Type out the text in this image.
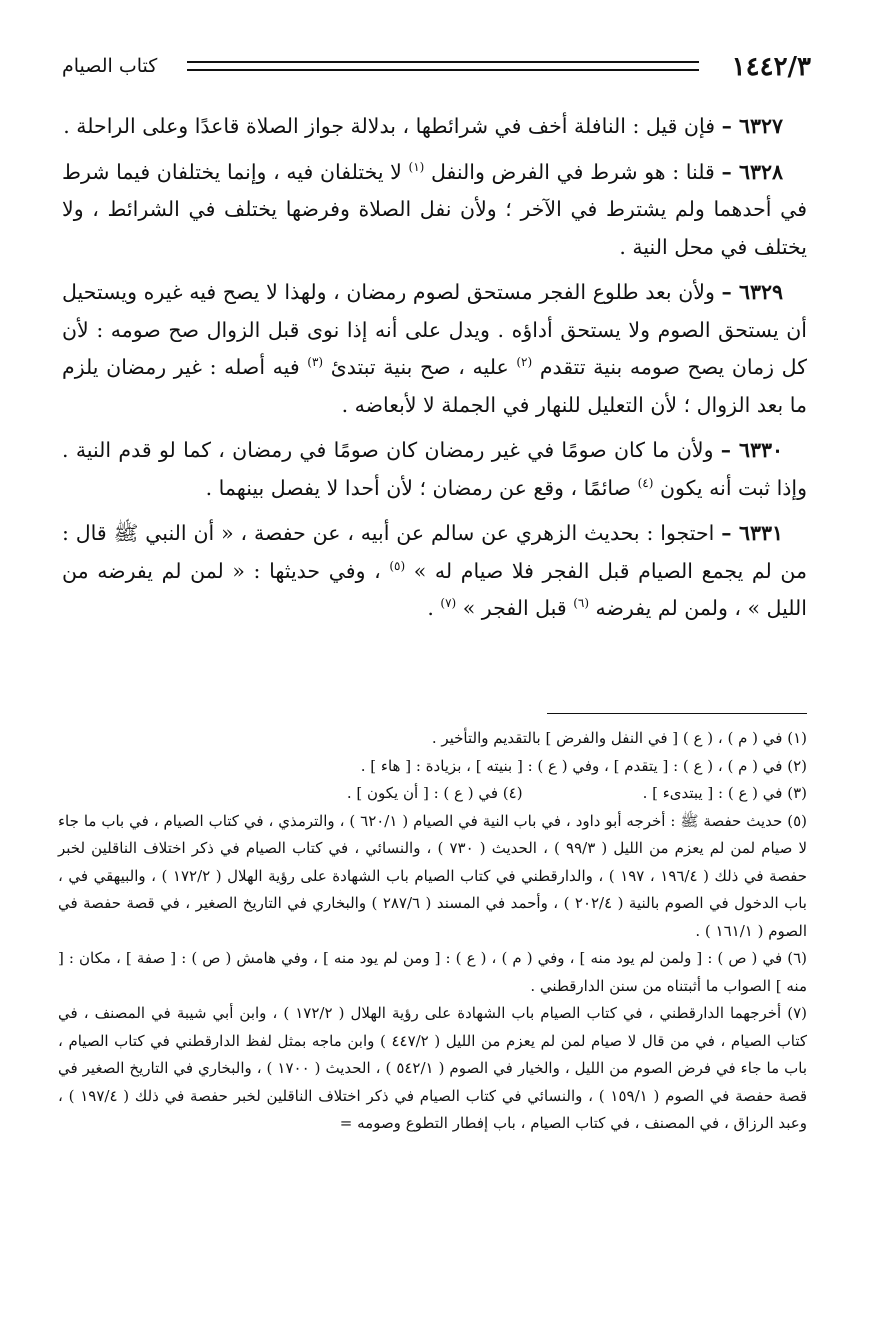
١٤٤٢/٣
كتاب الصيام

٦٣٢٧ – فإن قيل : النافلة أخف في شرائطها ، بدلالة جواز الصلاة قاعدًا وعلى الراحلة .

٦٣٢٨ – قلنا : هو شرط في الفرض والنفل $^{(١)}$ لا يختلفان فيه ، وإنما يختلفان فيما شرط في أحدهما ولم يشترط في الآخر ؛ ولأن نفل الصلاة وفرضها يختلف في الشرائط ، ولا يختلف في محل النية .

٦٣٢٩ – ولأن بعد طلوع الفجر مستحق لصوم رمضان ، ولهذا لا يصح فيه غيره ويستحيل أن يستحق الصوم ولا يستحق أداؤه . ويدل على أنه إذا نوى قبل الزوال صح صومه : لأن كل زمان يصح صومه بنية تتقدم $^{(٢)}$ عليه ، صح بنية تبتدئ $^{(٣)}$ فيه أصله : غير رمضان يلزم ما بعد الزوال ؛ لأن التعليل للنهار في الجملة لا لأبعاضه .

٦٣٣٠ – ولأن ما كان صومًا في غير رمضان كان صومًا في رمضان ، كما لو قدم النية . وإذا ثبت أنه يكون $^{(٤)}$ صائمًا ، وقع عن رمضان ؛ لأن أحدا لا يفصل بينهما .

٦٣٣١ – احتجوا : بحديث الزهري عن سالم عن أبيه ، عن حفصة ، « أن النبي ﷺ قال : من لم يجمع الصيام قبل الفجر فلا صيام له » $^{(٥)}$ ، وفي حديثها : « لمن لم يفرضه من الليل » ، ولمن لم يفرضه $^{(٦)}$ قبل الفجر » $^{(٧)}$ .

(١) في ( م ) ، ( ع ) [ في النفل والفرض ] بالتقديم والتأخير .

(٢) في ( م ) ، ( ع ) : [ يتقدم ] ، وفي ( ع ) : [ بنيته ] ، بزيادة : [ هاء ] .

(٣) في ( ع ) : [ يبتدىء ] .
(٤) في ( ع ) : [ أن يكون ] .

(٥) حديث حفصة ﷺ : أخرجه أبو داود ، في باب النية في الصيام ( ٦٢٠/١ ) ، والترمذي ، في كتاب الصيام ، في باب ما جاء لا صيام لمن لم يعزم من الليل ( ٩٩/٣ ) ، الحديث ( ٧٣٠ ) ، والنسائي ، في كتاب الصيام في ذكر اختلاف الناقلين لخبر حفصة في ذلك ( ١٩٦/٤ ، ١٩٧ ) ، والدارقطني في كتاب الصيام باب الشهادة على رؤية الهلال ( ١٧٢/٢ ) ، والبيهقي في ، باب الدخول في الصوم بالنية ( ٢٠٢/٤ ) ، وأحمد في المسند ( ٢٨٧/٦ ) والبخاري في التاريخ الصغير ، في قصة حفصة في الصوم ( ١٦١/١ ) .

(٦) في ( ص ) : [ ولمن لم يود منه ] ، وفي ( م ) ، ( ع ) : [ ومن لم يود منه ] ، وفي هامش ( ص ) : [ صفة ] ، مكان : [ منه ] الصواب ما أثبتناه من سنن الدارقطني .

(٧) أخرجهما الدارقطني ، في كتاب الصيام باب الشهادة على رؤية الهلال ( ١٧٢/٢ ) ، وابن أبي شيبة في المصنف ، في كتاب الصيام ، في من قال لا صيام لمن لم يعزم من الليل ( ٤٤٧/٢ ) وابن ماجه بمثل لفظ الدارقطني في كتاب الصيام ، باب ما جاء في فرض الصوم من الليل ، والخيار في الصوم ( ٥٤٢/١ ) ، الحديث ( ١٧٠٠ ) ، والبخاري في التاريخ الصغير في قصة حفصة في الصوم ( ١٥٩/١ ) ، والنسائي في كتاب الصيام في ذكر اختلاف الناقلين لخبر حفصة في ذلك ( ١٩٧/٤ ) ، وعبد الرزاق ، في المصنف ، في كتاب الصيام ، باب إفطار التطوع وصومه =
